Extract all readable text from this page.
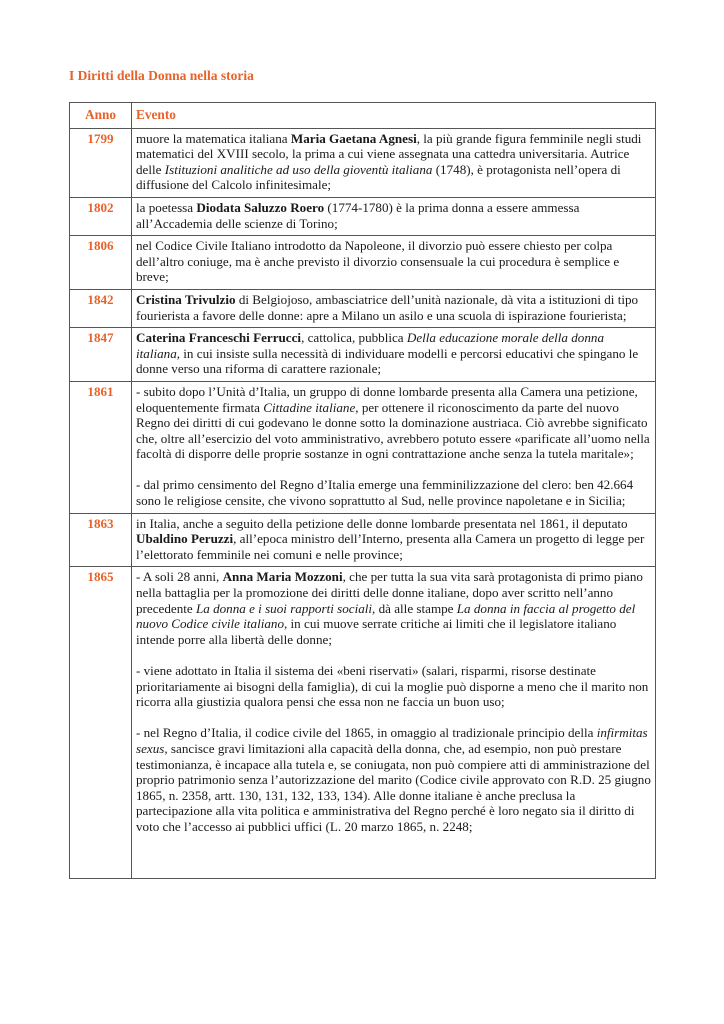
I Diritti della Donna nella storia
Anno	Evento
1799	muore la matematica italiana Maria Gaetana Agnesi, la più grande figura femminile negli studi matematici del XVIII secolo, la prima a cui viene assegnata una cattedra universitaria. Autrice delle Istituzioni analitiche ad uso della gioventù italiana (1748), è protagonista nell’opera di diffusione del Calcolo infinitesimale;

1802	la poetessa Diodata Saluzzo Roero (1774-1780) è la prima donna a essere ammessa all’Accademia delle scienze di Torino;

1806	nel Codice Civile Italiano introdotto da Napoleone, il divorzio può essere chiesto per colpa dell’altro coniuge, ma è anche previsto il divorzio consensuale la cui procedura è semplice e breve;

1842	Cristina Trivulzio di Belgiojoso, ambasciatrice dell’unità nazionale, dà vita a istituzioni di tipo fourierista a favore delle donne: apre a Milano un asilo e una scuola di ispirazione fourierista;

1847	Caterina Franceschi Ferrucci, cattolica, pubblica Della educazione morale della donna italiana, in cui insiste sulla necessità di individuare modelli e percorsi educativi che spingano le donne verso una riforma di carattere razionale;

1861	- subito dopo l’Unità d’Italia, un gruppo di donne lombarde presenta alla Camera una petizione, eloquentemente firmata Cittadine italiane, per ottenere il riconoscimento da parte del nuovo Regno dei diritti di cui godevano le donne sotto la dominazione austriaca. Ciò avrebbe significato che, oltre all’esercizio del voto amministrativo, avrebbero potuto essere «parificate all’uomo nella facoltà di disporre delle proprie sostanze in ogni contrattazione anche senza la tutela maritale»;

- dal primo censimento del Regno d’Italia emerge una femminilizzazione del clero: ben 42.664 sono le religiose censite, che vivono soprattutto al Sud, nelle province napoletane e in Sicilia;

1863	in Italia, anche a seguito della petizione delle donne lombarde presentata nel 1861, il deputato Ubaldino Peruzzi, all’epoca ministro dell’Interno, presenta alla Camera un progetto di legge per l’elettorato femminile nei comuni e nelle province;

1865	- A soli 28 anni, Anna Maria Mozzoni, che per tutta la sua vita sarà protagonista di primo piano nella battaglia per la promozione dei diritti delle donne italiane, dopo aver scritto nell’anno precedente La donna e i suoi rapporti sociali, dà alle stampe La donna in faccia al progetto del nuovo Codice civile italiano, in cui muove serrate critiche ai limiti che il legislatore italiano intende porre alla libertà delle donne;

- viene adottato in Italia il sistema dei «beni riservati» (salari, risparmi, risorse destinate prioritariamente ai bisogni della famiglia), di cui la moglie può disporne a meno che il marito non ricorra alla giustizia qualora pensi che essa non ne faccia un buon uso;

- nel Regno d’Italia, il codice civile del 1865, in omaggio al tradizionale principio della infirmitas sexus, sancisce gravi limitazioni alla capacità della donna, che, ad esempio, non può prestare testimonianza, è incapace alla tutela e, se coniugata, non può compiere atti di amministrazione del proprio patrimonio senza l’autorizzazione del marito (Codice civile approvato con R.D. 25 giugno 1865, n. 2358, artt. 130, 131, 132, 133, 134). Alle donne italiane è anche preclusa la partecipazione alla vita politica e amministrativa del Regno perché è loro negato sia il diritto di voto che l’accesso ai pubblici uffici (L. 20 marzo 1865, n. 2248;
